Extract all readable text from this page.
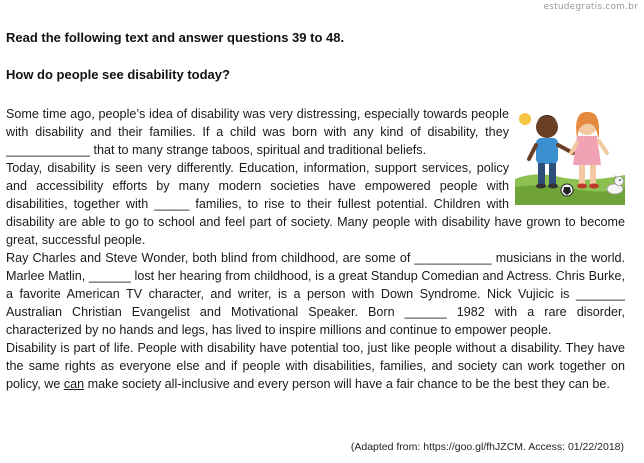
estudegratis.com.br
Read the following text and answer questions 39 to 48.
How do people see disability today?

Some time ago, people’s idea of disability was very distressing, especially towards people with disability and their families. If a child was born with any kind of disability, they ____________ that to many strange taboos, spiritual and traditional beliefs.

Today, disability is seen very differently. Education, information, support services, policy and accessibility efforts by many modern societies have empowered people with disabilities, together with _____ families, to rise to their fullest potential. Children with disability are able to go to school and feel part of society. Many people with disability have grown to become great, successful people.

Ray Charles and Steve Wonder, both blind from childhood, are some of ___________ musicians in the world. Marlee Matlin, ______ lost her hearing from childhood, is a great Standup Comedian and Actress. Chris Burke, a favorite American TV character, and writer, is a person with Down Syndrome. Nick Vujicic is _______ Australian Christian Evangelist and Motivational Speaker. Born ______ 1982 with a rare disorder, characterized by no hands and legs, has lived to inspire millions and continue to empower people.

Disability is part of life. People with disability have potential too, just like people without a disability. They have the same rights as everyone else and if people with disabilities, families, and society can work together on policy, we can make society all-inclusive and every person will have a fair chance to be the best they can be.

(Adapted from: https://goo.gl/fhJZCM. Access: 01/22/2018)
